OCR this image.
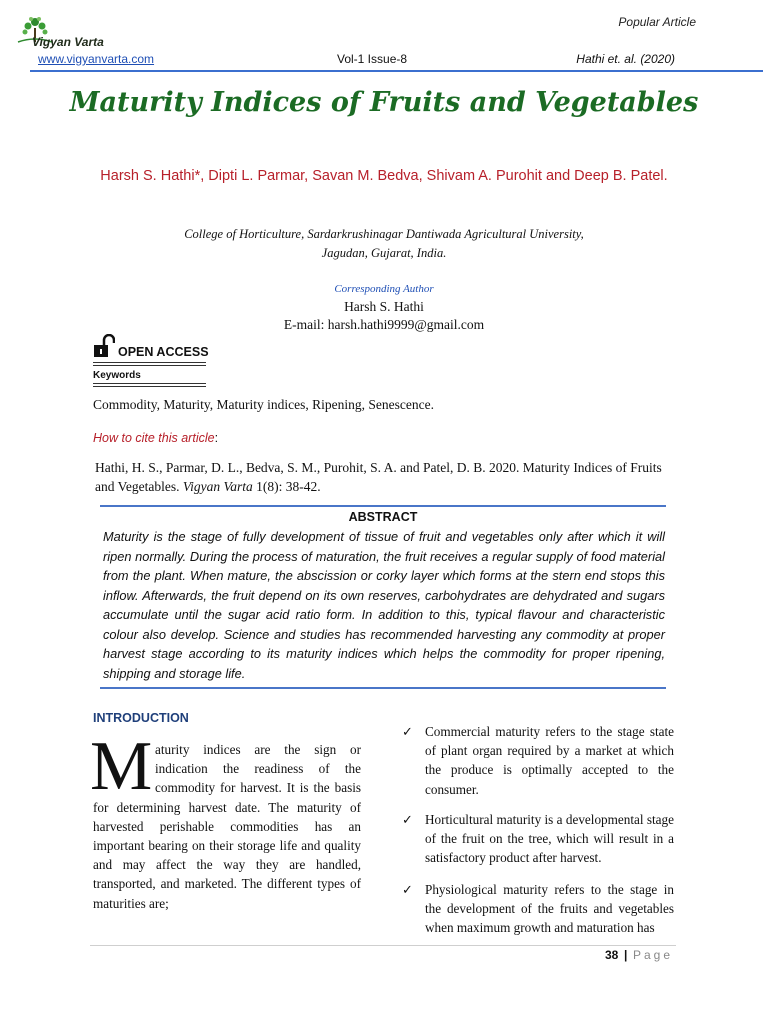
Vigyan Varta
Popular Article
www.vigyanvarta.com	Vol-1 Issue-8	Hathi et. al. (2020)
Maturity Indices of Fruits and Vegetables
Harsh S. Hathi*, Dipti L. Parmar, Savan M. Bedva, Shivam A. Purohit and Deep B. Patel.
College of Horticulture, Sardarkrushinagar Dantiwada Agricultural University,
Jagudan, Gujarat, India.
Corresponding Author
Harsh S. Hathi
E-mail: harsh.hathi9999@gmail.com
OPEN ACCESS
Keywords
Commodity, Maturity, Maturity indices, Ripening, Senescence.
How to cite this article:
Hathi, H. S., Parmar, D. L., Bedva, S. M., Purohit, S. A. and Patel, D. B. 2020. Maturity Indices of Fruits and Vegetables. Vigyan Varta 1(8): 38-42.
ABSTRACT
Maturity is the stage of fully development of tissue of fruit and vegetables only after which it will ripen normally. During the process of maturation, the fruit receives a regular supply of food material from the plant. When mature, the abscission or corky layer which forms at the stern end stops this inflow. Afterwards, the fruit depend on its own reserves, carbohydrates are dehydrated and sugars accumulate until the sugar acid ratio form. In addition to this, typical flavour and characteristic colour also develop. Science and studies has recommended harvesting any commodity at proper harvest stage according to its maturity indices which helps the commodity for proper ripening, shipping and storage life.
INTRODUCTION
M aturity indices are the sign or indication the readiness of the commodity for harvest. It is the basis for determining harvest date. The maturity of harvested perishable commodities has an important bearing on their storage life and quality and may affect the way they are handled, transported, and marketed. The different types of maturities are;
✓ Commercial maturity refers to the stage state of plant organ required by a market at which the produce is optimally accepted to the consumer.
✓ Horticultural maturity is a developmental stage of the fruit on the tree, which will result in a satisfactory product after harvest.
✓ Physiological maturity refers to the stage in the development of the fruits and vegetables when maximum growth and maturation has
38 | Page
